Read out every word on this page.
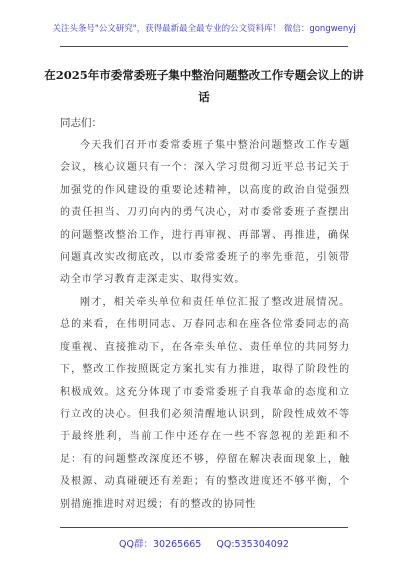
关注头条号"公文研究"，获得最新最全最专业的公文资料库！ 微信：gongwenyj
在2025年市委常委班子集中整治问题整改工作专题会议上的讲话
同志们：
今天我们召开市委常委班子集中整治问题整改工作专题会议，核心议题只有一个：深入学习贯彻习近平总书记关于加强党的作风建设的重要论述精神，以高度的政治自觉强烈的责任担当、刀刃向内的勇气决心，对市委常委班子查摆出的问题整改整治工作，进行再审视、再部署、再推进，确保问题真改实改彻底改，以市委常委班子的率先垂范，引领带动全市学习教育走深走实、取得实效。
刚才，相关牵头单位和责任单位汇报了整改进展情况。总的来看，在伟明同志、万春同志和在座各位常委同志的高度重视、直接推动下，在各牵头单位、责任单位的共同努力下，整改工作按照既定方案扎实有力推进，取得了阶段性的积极成效。这充分体现了市委常委班子自我革命的态度和立行立改的决心。但我们必须清醒地认识到，阶段性成效不等于最终胜利，当前工作中还存在一些不容忽视的差距和不足：有的问题整改深度还不够，停留在解决表面现象上，触及根源、动真碰硬还有差距；有的整改进度还不够平衡，个别措施推进时对迟缓；有的整改的协同性
QQ群：30265665 QQ:535304092
